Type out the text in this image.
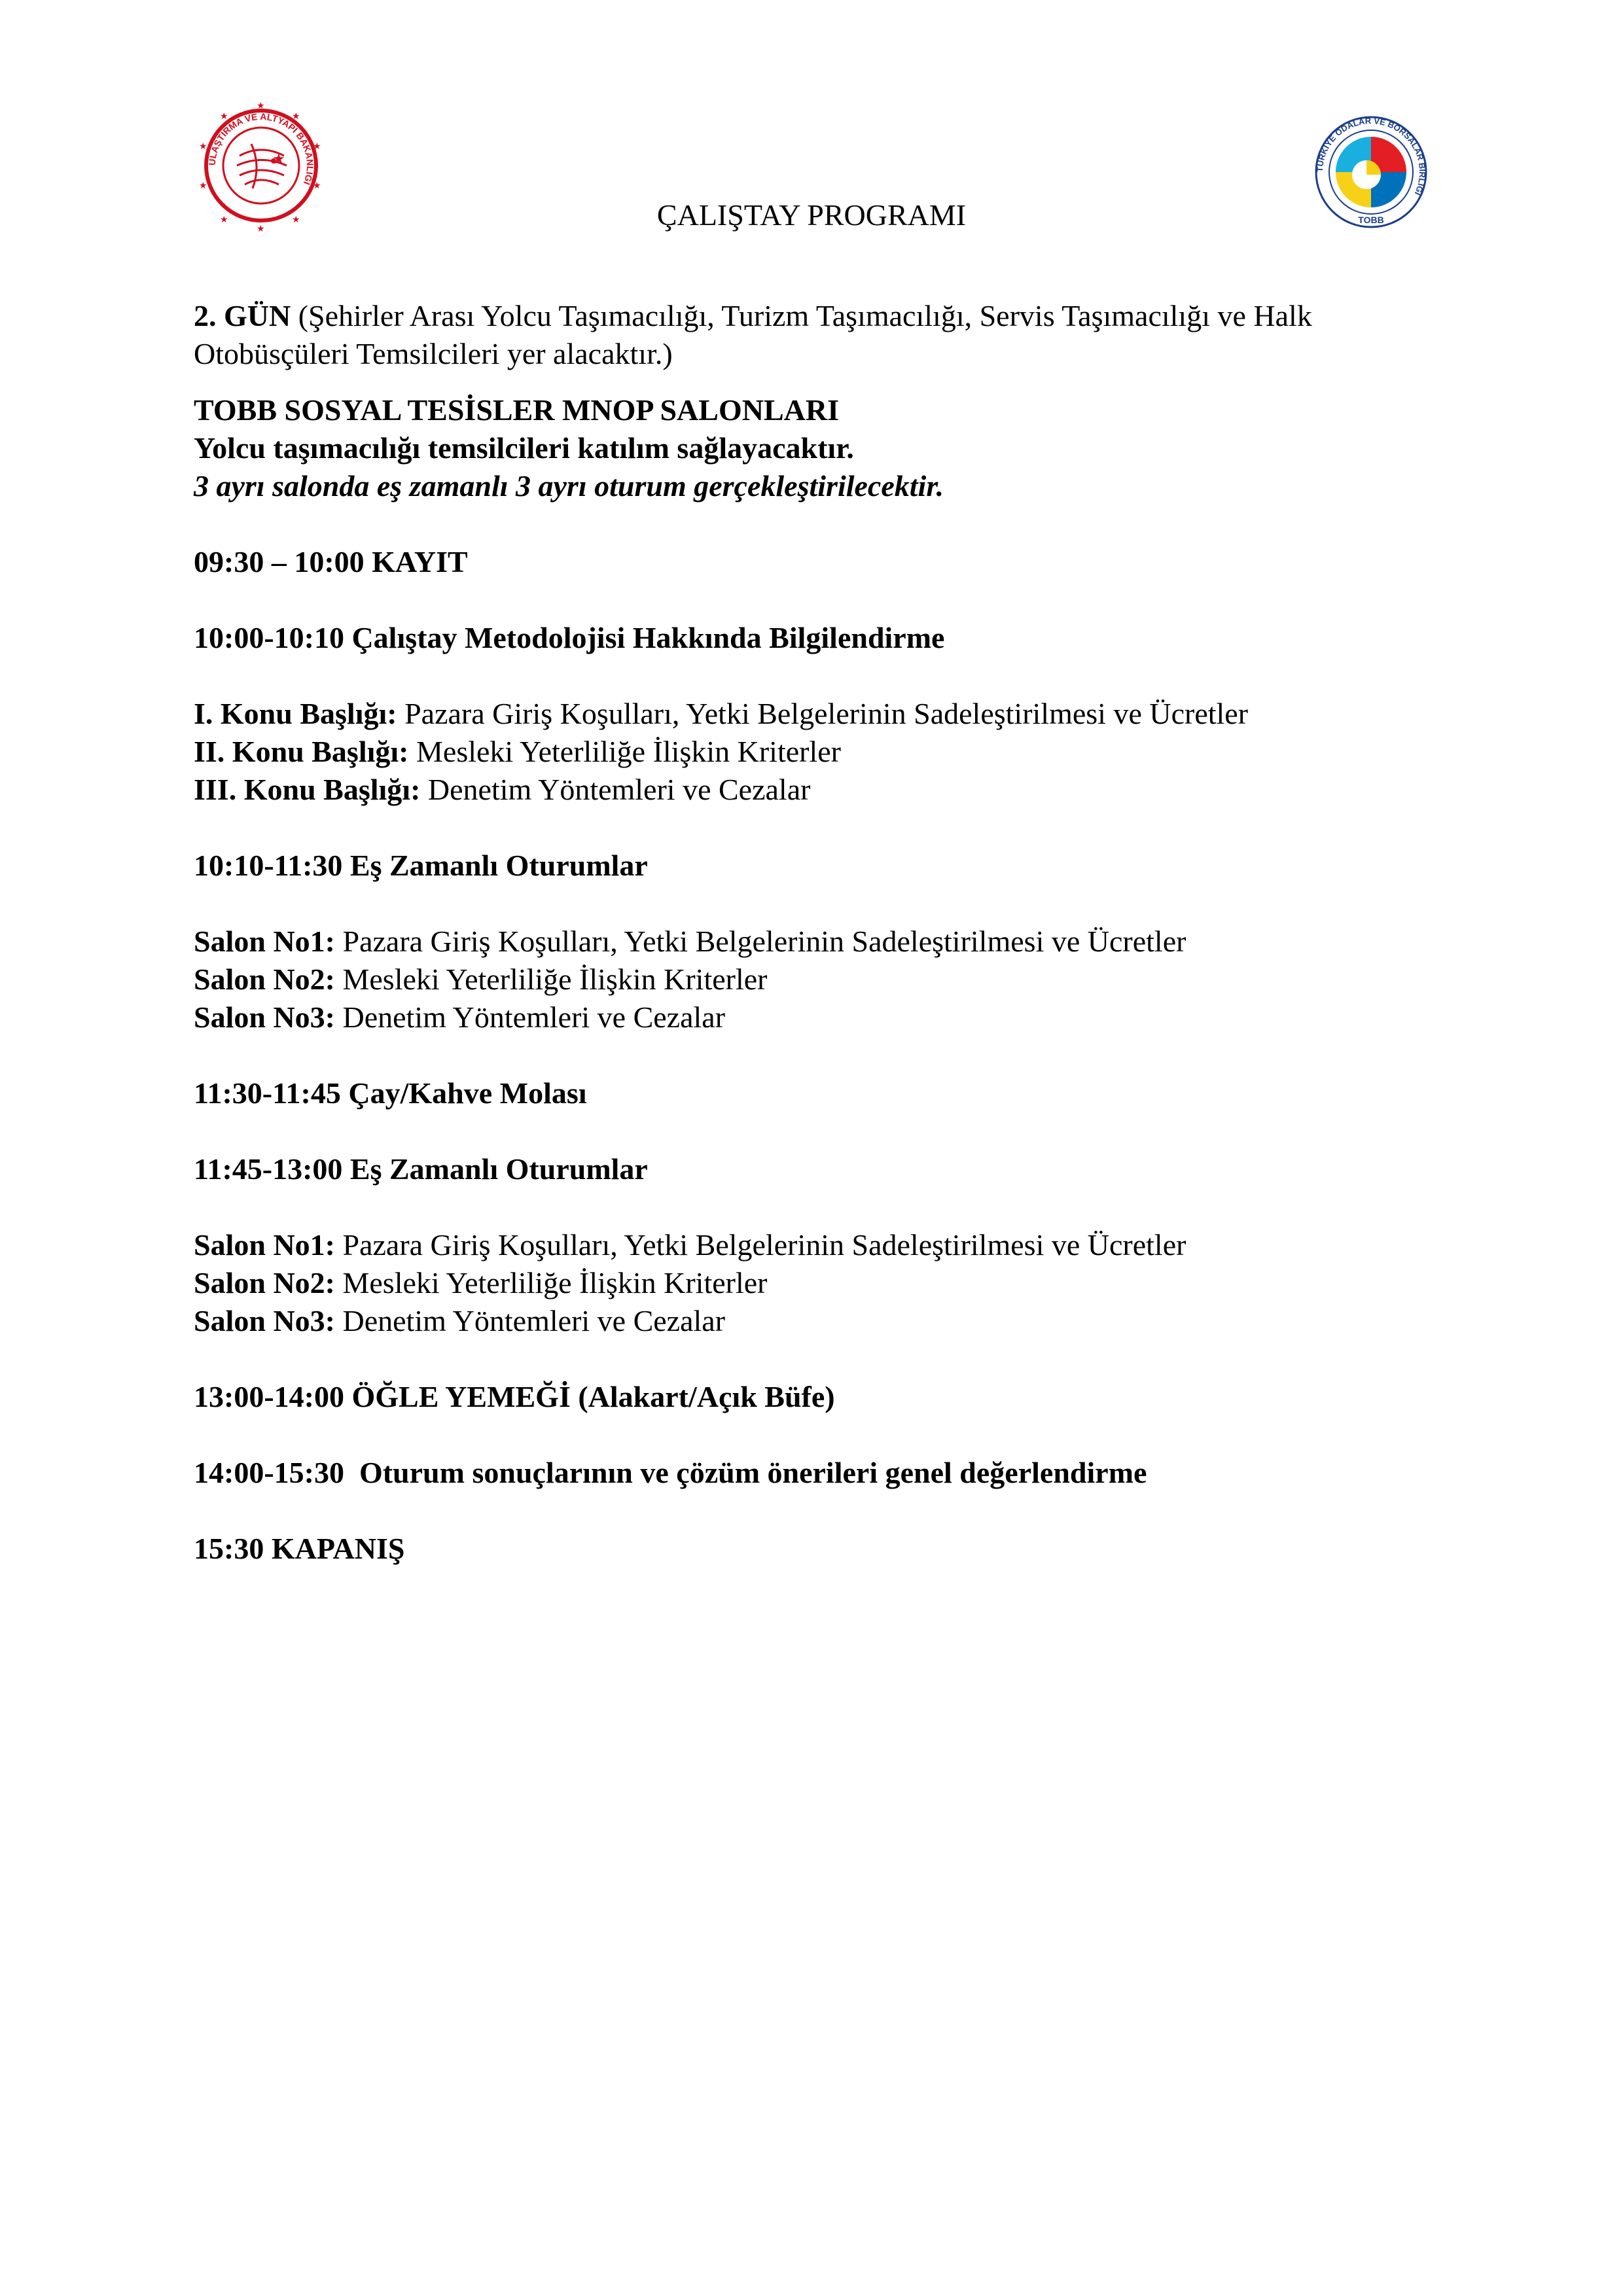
ULAŞTIRMA VE ALTYAPI BAKANLIĞI
★
★
★
★
★
★
★
★
★
★
★
TÜRKİYE ODALAR VE BORSALAR BİRLİĞİ
TOBB
ÇALIŞTAY PROGRAMI

2. GÜN (Şehirler Arası Yolcu Taşımacılığı, Turizm Taşımacılığı, Servis Taşımacılığı ve Halk

Otobüsçüleri Temsilcileri yer alacaktır.)

TOBB SOSYAL TESİSLER MNOP SALONLARI

Yolcu taşımacılığı temsilcileri katılım sağlayacaktır.

3 ayrı salonda eş zamanlı 3 ayrı oturum gerçekleştirilecektir.

09:30 – 10:00 KAYIT

10:00-10:10 Çalıştay Metodolojisi Hakkında Bilgilendirme

I. Konu Başlığı: Pazara Giriş Koşulları, Yetki Belgelerinin Sadeleştirilmesi ve Ücretler

II. Konu Başlığı: Mesleki Yeterliliğe İlişkin Kriterler

III. Konu Başlığı: Denetim Yöntemleri ve Cezalar

10:10-11:30 Eş Zamanlı Oturumlar

Salon No1: Pazara Giriş Koşulları, Yetki Belgelerinin Sadeleştirilmesi ve Ücretler

Salon No2: Mesleki Yeterliliğe İlişkin Kriterler

Salon No3: Denetim Yöntemleri ve Cezalar

11:30-11:45 Çay/Kahve Molası

11:45-13:00 Eş Zamanlı Oturumlar

Salon No1: Pazara Giriş Koşulları, Yetki Belgelerinin Sadeleştirilmesi ve Ücretler

Salon No2: Mesleki Yeterliliğe İlişkin Kriterler

Salon No3: Denetim Yöntemleri ve Cezalar

13:00-14:00 ÖĞLE YEMEĞİ (Alakart/Açık Büfe)

14:00-15:30  Oturum sonuçlarının ve çözüm önerileri genel değerlendirme

15:30 KAPANIŞ
